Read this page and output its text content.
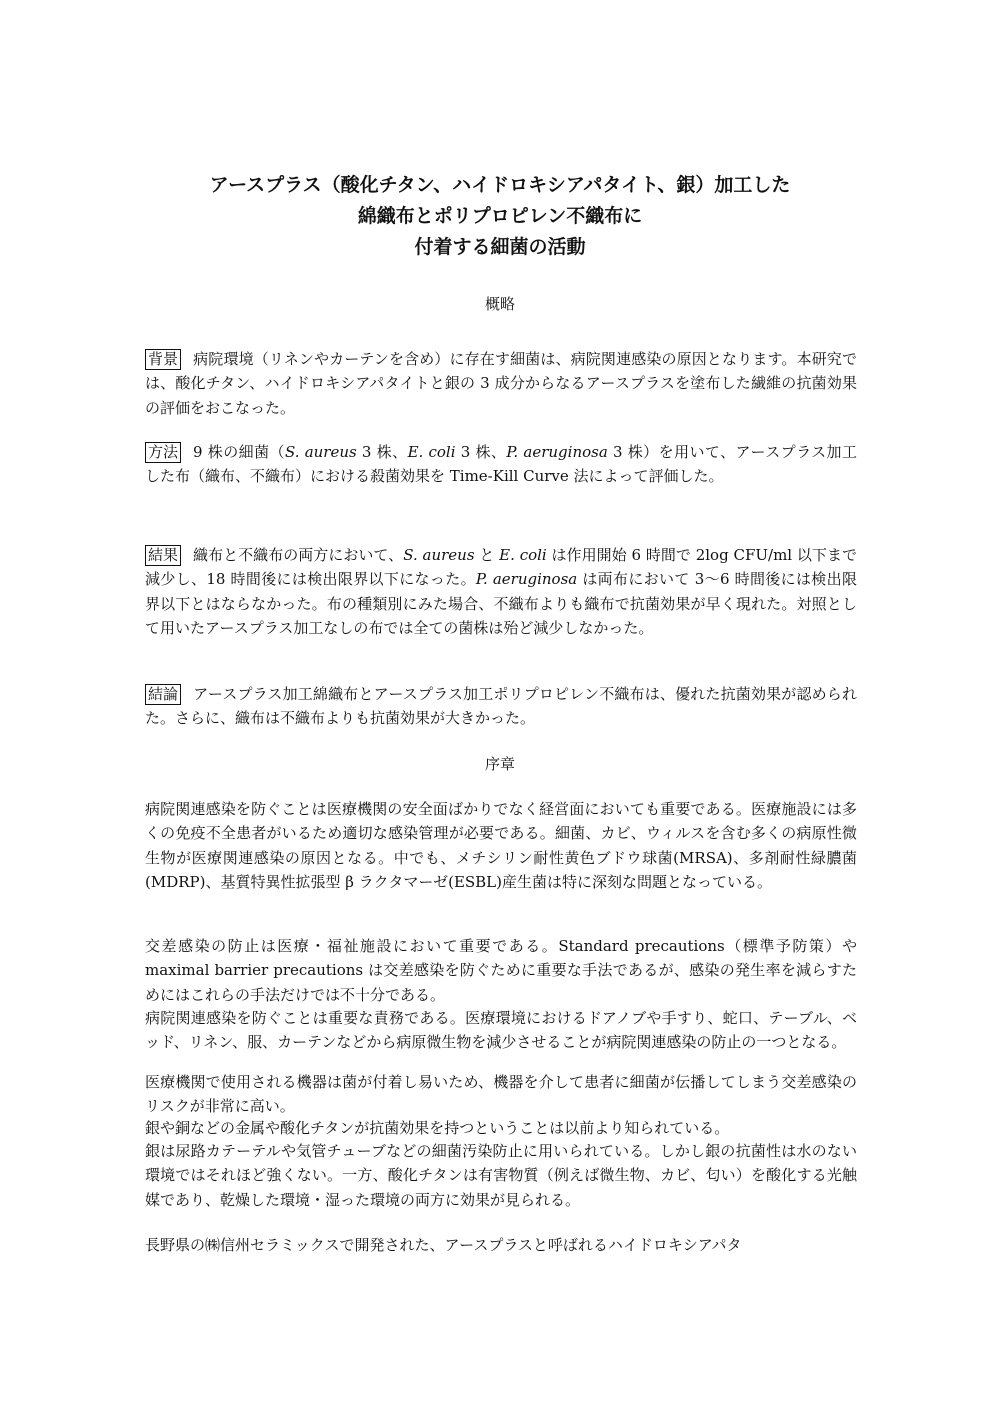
アースプラス（酸化チタン、ハイドロキシアパタイト、銀）加工した
綿織布とポリプロピレン不織布に
付着する細菌の活動
概略
背景 病院環境（リネンやカーテンを含め）に存在す細菌は、病院関連感染の原因となります。本研究では、酸化チタン、ハイドロキシアパタイトと銀の 3 成分からなるアースプラスを塗布した繊維の抗菌効果の評価をおこなった。
方法 9 株の細菌（S. aureus 3 株、E. coli 3 株、P. aeruginosa 3 株）を用いて、アースプラス加工した布（織布、不織布）における殺菌効果を Time-Kill Curve 法によって評価した。
結果 織布と不織布の両方において、S. aureus と E. coli は作用開始 6 時間で 2log CFU/ml 以下まで減少し、18 時間後には検出限界以下になった。P. aeruginosa は両布において 3〜6 時間後には検出限界以下とはならなかった。布の種類別にみた場合、不織布よりも織布で抗菌効果が早く現れた。対照として用いたアースプラス加工なしの布では全ての菌株は殆ど減少しなかった。
結論 アースプラス加工綿織布とアースプラス加工ポリプロピレン不織布は、優れた抗菌効果が認められた。さらに、織布は不織布よりも抗菌効果が大きかった。
序章
病院関連感染を防ぐことは医療機関の安全面ばかりでなく経営面においても重要である。医療施設には多くの免疫不全患者がいるため適切な感染管理が必要である。細菌、カビ、ウィルスを含む多くの病原性微生物が医療関連感染の原因となる。中でも、メチシリン耐性黄色ブドウ球菌(MRSA)、多剤耐性緑膿菌(MDRP)、基質特異性拡張型 β ラクタマーゼ(ESBL)産生菌は特に深刻な問題となっている。
交差感染の防止は医療・福祉施設において重要である。Standard precautions（標準予防策）や maximal barrier precautions は交差感染を防ぐために重要な手法であるが、感染の発生率を減らすためにはこれらの手法だけでは不十分である。
病院関連感染を防ぐことは重要な責務である。医療環境におけるドアノブや手すり、蛇口、テーブル、ベッド、リネン、服、カーテンなどから病原微生物を減少させることが病院関連感染の防止の一つとなる。
医療機関で使用される機器は菌が付着し易いため、機器を介して患者に細菌が伝播してしまう交差感染のリスクが非常に高い。
銀や銅などの金属や酸化チタンが抗菌効果を持つということは以前より知られている。
銀は尿路カテーテルや気管チューブなどの細菌汚染防止に用いられている。しかし銀の抗菌性は水のない環境ではそれほど強くない。一方、酸化チタンは有害物質（例えば微生物、カビ、匂い）を酸化する光触媒であり、乾燥した環境・湿った環境の両方に効果が見られる。
長野県の㈱信州セラミックスで開発された、アースプラスと呼ばれるハイドロキシアパタ
